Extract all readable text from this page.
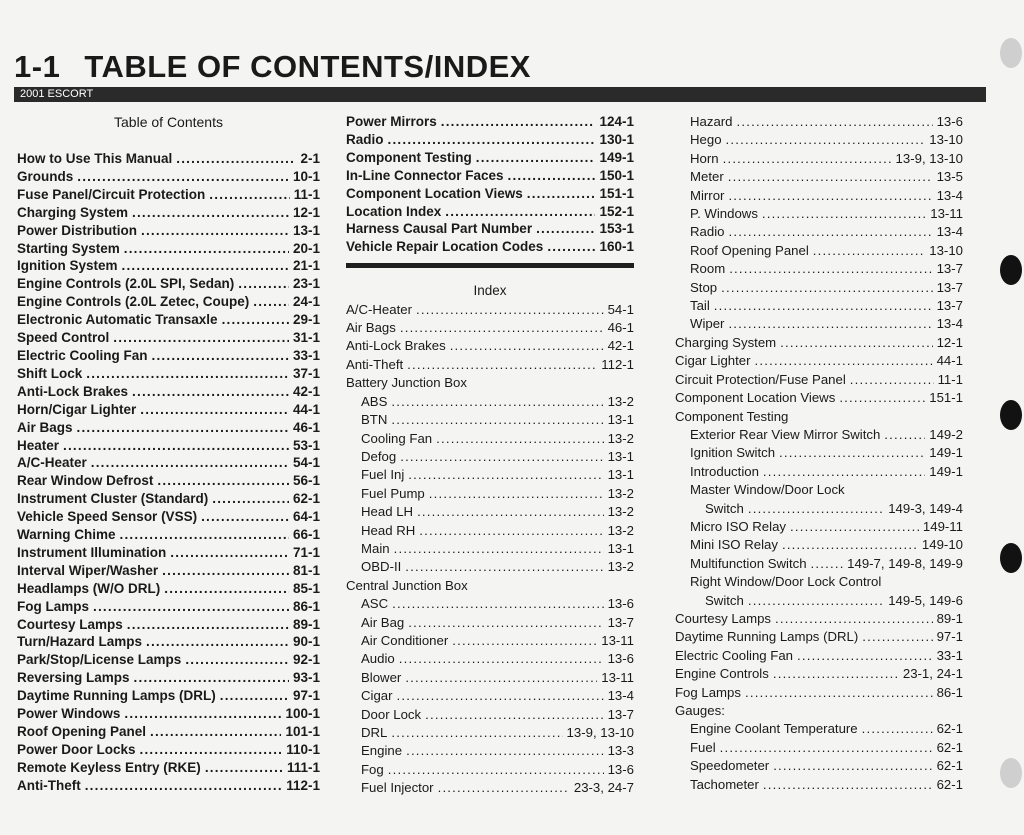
1-1 TABLE OF CONTENTS/INDEX
2001 ESCORT
Table of Contents
How to Use This Manual .....	2-1
Grounds .....	10-1
Fuse Panel/Circuit Protection .....	11-1
Charging System .....	12-1
Power Distribution .....	13-1
Starting System .....	20-1
Ignition System .....	21-1
Engine Controls (2.0L SPI, Sedan) .....	23-1
Engine Controls (2.0L Zetec, Coupe) .....	24-1
Electronic Automatic Transaxle .....	29-1
Speed Control .....	31-1
Electric Cooling Fan .....	33-1
Shift Lock .....	37-1
Anti-Lock Brakes .....	42-1
Horn/Cigar Lighter .....	44-1
Air Bags .....	46-1
Heater .....	53-1
A/C-Heater .....	54-1
Rear Window Defrost .....	56-1
Instrument Cluster (Standard) .....	62-1
Vehicle Speed Sensor (VSS) .....	64-1
Warning Chime .....	66-1
Instrument Illumination .....	71-1
Interval Wiper/Washer .....	81-1
Headlamps (W/O DRL) .....	85-1
Fog Lamps .....	86-1
Courtesy Lamps .....	89-1
Turn/Hazard Lamps .....	90-1
Park/Stop/License Lamps .....	92-1
Reversing Lamps .....	93-1
Daytime Running Lamps (DRL) .....	97-1
Power Windows .....	100-1
Roof Opening Panel .....	101-1
Power Door Locks .....	110-1
Remote Keyless Entry (RKE) .....	111-1
Anti-Theft .....	112-1
Power Mirrors .....	124-1
Radio .....	130-1
Component Testing .....	149-1
In-Line Connector Faces .....	150-1
Component Location Views .....	151-1
Location Index .....	152-1
Harness Causal Part Number .....	153-1
Vehicle Repair Location Codes .....	160-1
Index
A/C-Heater .....	54-1
Air Bags .....	46-1
Anti-Lock Brakes .....	42-1
Anti-Theft .....	112-1
Battery Junction Box
ABS .....	13-2
BTN .....	13-1
Cooling Fan .....	13-2
Defog .....	13-1
Fuel Inj .....	13-1
Fuel Pump .....	13-2
Head LH .....	13-2
Head RH .....	13-2
Main .....	13-1
OBD-II .....	13-2
Central Junction Box
ASC .....	13-6
Air Bag .....	13-7
Air Conditioner .....	13-11
Audio .....	13-6
Blower .....	13-11
Cigar .....	13-4
Door Lock .....	13-7
DRL .....	13-9, 13-10
Engine .....	13-3
Fog .....	13-6
Fuel Injector .....	23-3, 24-7
Hazard .....	13-6
Hego .....	13-10
Horn .....	13-9, 13-10
Meter .....	13-5
Mirror .....	13-4
P. Windows .....	13-11
Radio .....	13-4
Roof Opening Panel .....	13-10
Room .....	13-7
Stop .....	13-7
Tail .....	13-7
Wiper .....	13-4
Charging System .....	12-1
Cigar Lighter .....	44-1
Circuit Protection/Fuse Panel .....	11-1
Component Location Views .....	151-1
Component Testing
Exterior Rear View Mirror Switch .....	149-2
Ignition Switch .....	149-1
Introduction .....	149-1
Master Window/Door Lock
Switch .....	149-3, 149-4
Micro ISO Relay .....	149-11
Mini ISO Relay .....	149-10
Multifunction Switch .....	149-7, 149-8, 149-9
Right Window/Door Lock Control
Switch .....	149-5, 149-6
Courtesy Lamps .....	89-1
Daytime Running Lamps (DRL) .....	97-1
Electric Cooling Fan .....	33-1
Engine Controls .....	23-1, 24-1
Fog Lamps .....	86-1
Gauges:
Engine Coolant Temperature .....	62-1
Fuel .....	62-1
Speedometer .....	62-1
Tachometer .....	62-1
